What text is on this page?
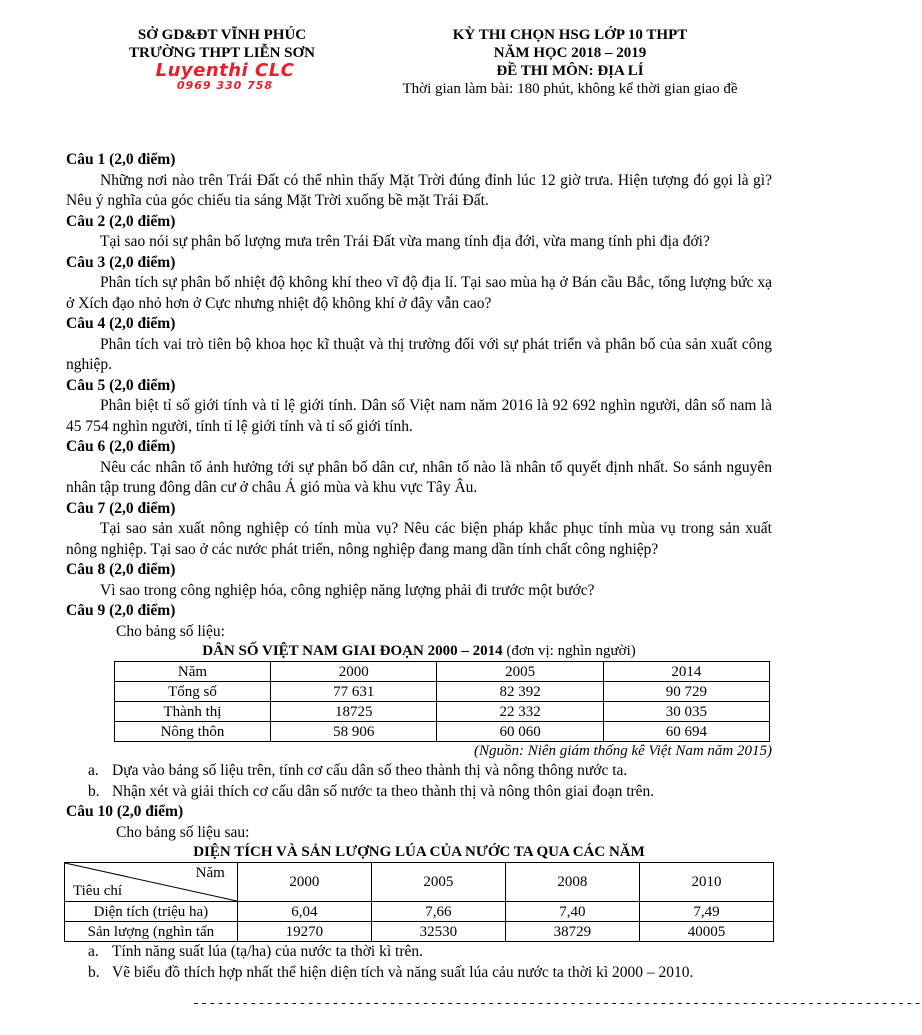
SỞ GD&ĐT VĨNH PHÚC
TRƯỜNG THPT LIỄN SƠN
Luyenthi CLC
0969 330 758
KỲ THI CHỌN HSG LỚP 10 THPT
NĂM HỌC 2018 – 2019
ĐỀ THI MÔN: ĐỊA LÍ
Thời gian làm bài: 180 phút, không kể thời gian giao đề
Câu 1 (2,0 điểm)
Những nơi nào trên Trái Đất có thể nhìn thấy Mặt Trời đúng đỉnh lúc 12 giờ trưa. Hiện tượng đó gọi là gì? Nêu ý nghĩa của góc chiếu tia sáng Mặt Trời xuống bề mặt Trái Đất.
Câu 2 (2,0 điểm)
Tại sao nói sự phân bố lượng mưa trên Trái Đất vừa mang tính địa đới, vừa mang tính phi địa đới?
Câu 3 (2,0 điểm)
Phân tích sự phân bố nhiệt độ không khí theo vĩ độ địa lí. Tại sao mùa hạ ở Bán cầu Bắc, tổng lượng bức xạ ở Xích đạo nhỏ hơn ở Cực nhưng nhiệt độ không khí ở đây vẫn cao?
Câu 4 (2,0 điểm)
Phân tích vai trò tiên bộ khoa học kĩ thuật và thị trường đối với sự phát triển và phân bố của sản xuất công nghiệp.
Câu 5 (2,0 điểm)
Phân biệt tỉ số giới tính và tỉ lệ giới tính. Dân số Việt nam năm 2016 là 92 692 nghìn người, dân số nam là 45 754 nghìn người, tính tỉ lệ giới tính và tỉ số giới tính.
Câu 6 (2,0 điểm)
Nêu các nhân tố ảnh hưởng tới sự phân bố dân cư, nhân tố nào là nhân tố quyết định nhất. So sánh nguyên nhân tập trung đông dân cư ở châu Á gió mùa và khu vực Tây Âu.
Câu 7 (2,0 điểm)
Tại sao sản xuất nông nghiệp có tính mùa vụ? Nêu các biện pháp khắc phục tính mùa vụ trong sản xuất nông nghiệp. Tại sao ở các nước phát triển, nông nghiệp đang mang dần tính chất công nghiệp?
Câu 8 (2,0 điểm)
Vì sao trong công nghiệp hóa, công nghiệp năng lượng phải đi trước một bước?
Câu 9 (2,0 điểm)
Cho bảng số liệu:
DÂN SỐ VIỆT NAM GIAI ĐOẠN 2000 – 2014 (đơn vị: nghìn người)
Năm	2000	2005	2014
Tổng số	77 631	82 392	90 729
Thành thị	18725	22 332	30 035
Nông thôn	58 906	60 060	60 694
(Nguồn: Niên giám thống kê Việt Nam năm 2015)
a. Dựa vào bảng số liệu trên, tính cơ cấu dân số theo thành thị và nông thông nước ta.
b. Nhận xét và giải thích cơ cấu dân số nước ta theo thành thị và nông thôn giai đoạn trên.
Câu 10 (2,0 điểm)
Cho bảng số liệu sau:
DIỆN TÍCH VÀ SẢN LƯỢNG LÚA CỦA NƯỚC TA QUA CÁC NĂM
Năm
Tiêu chí	2000	2005	2008	2010
Diện tích (triệu ha)	6,04	7,66	7,40	7,49
Sản lượng (nghìn tấn	19270	32530	38729	40005
a. Tính năng suất lúa (tạ/ha) của nước ta thời kì trên.
b. Vẽ biểu đồ thích hợp nhất thể hiện diện tích và năng suất lúa cảu nước ta thời kì 2000 – 2010.
-----------------------------------------------------------------------------------------
